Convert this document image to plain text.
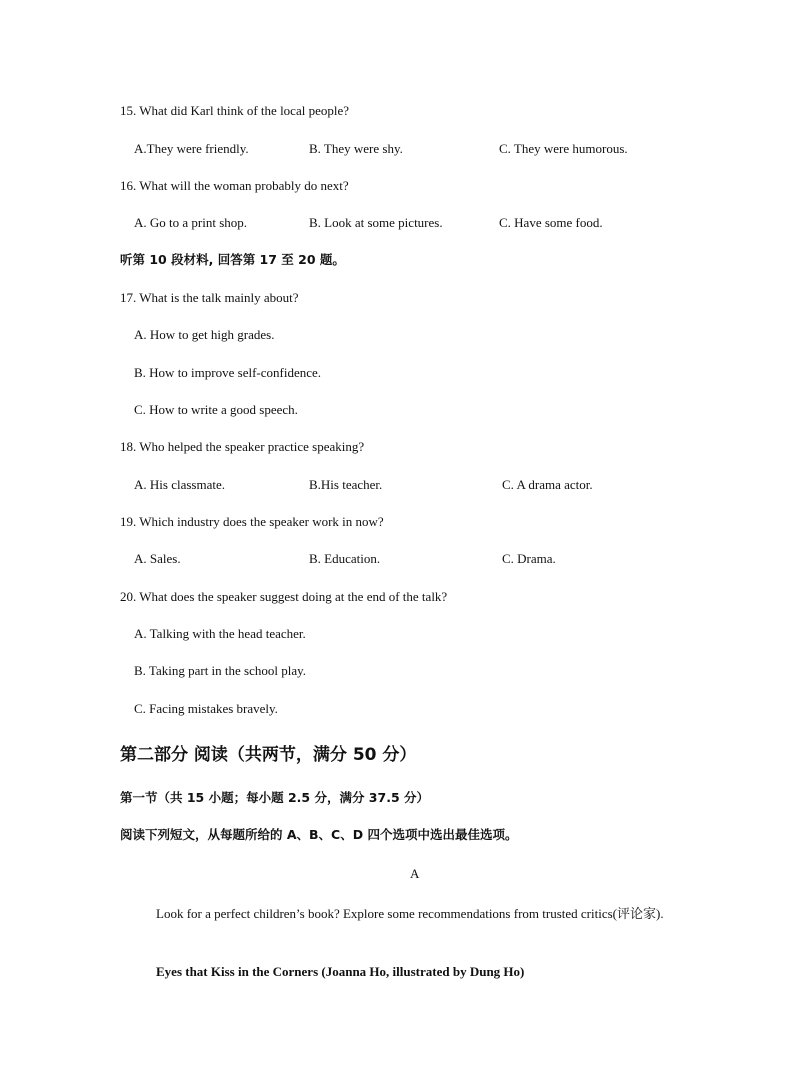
15. What did Karl think of the local people?
A.They were friendly.	B. They were shy.	C. They were humorous.
16. What will the woman probably do next?
A. Go to a print shop.	B. Look at some pictures.	C. Have some food.
听第 10 段材料, 回答第 17 至 20 题。
17. What is the talk mainly about?
A. How to get high grades.
B. How to improve self-confidence.
C. How to write a good speech.
18. Who helped the speaker practice speaking?
A. His classmate.	B.His teacher.	C. A drama actor.
19. Which industry does the speaker work in now?
A. Sales.	B. Education.	C. Drama.
20. What does the speaker suggest doing at the end of the talk?
A. Talking with the head teacher.
B. Taking part in the school play.
C. Facing mistakes bravely.
第二部分 阅读（共两节，满分 50 分）
第一节（共 15 小题；每小题 2.5 分，满分 37.5 分）
阅读下列短文，从每题所给的 A、B、C、D 四个选项中选出最佳选项。
A
Look for a perfect children’s book? Explore some recommendations from trusted critics(评论家).
Eyes that Kiss in the Corners (Joanna Ho, illustrated by Dung Ho)
